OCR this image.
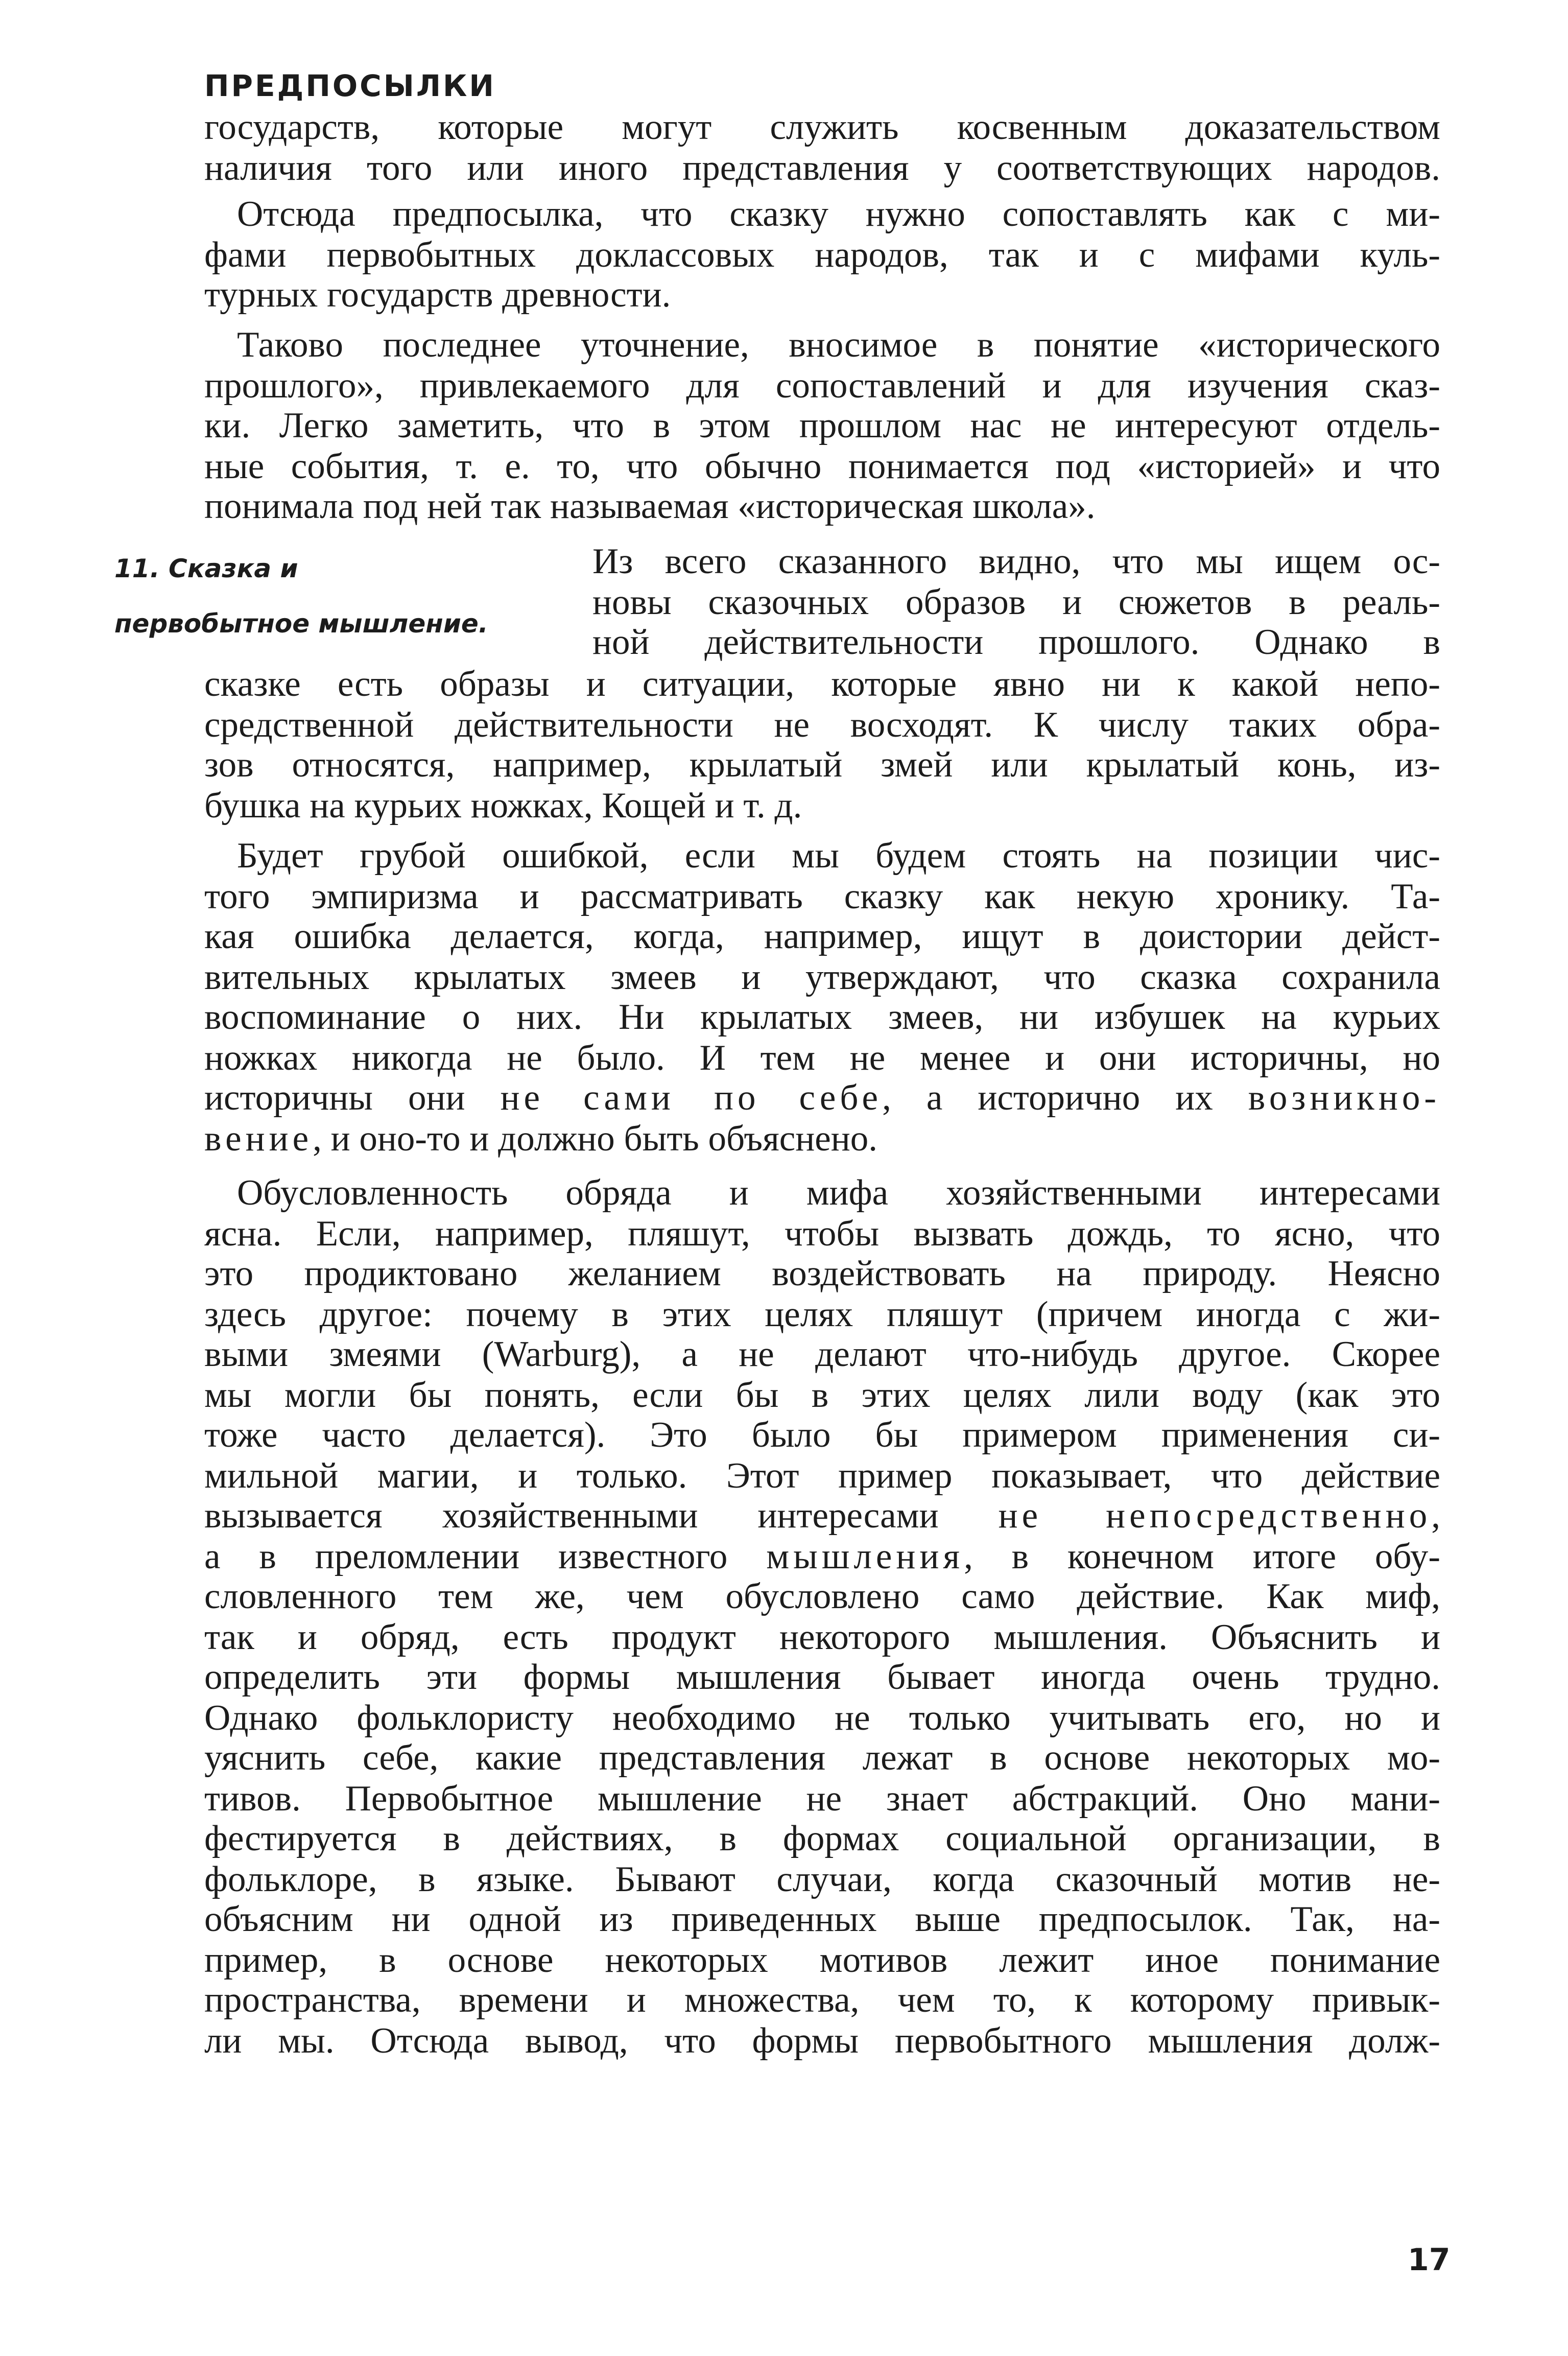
ПРЕДПОСЫЛКИ
государств, которые могут служить косвенным доказательством
наличия того или иного представления у соответствующих народов.
Отсюда предпосылка, что сказку нужно сопоставлять как с ми-
фами первобытных доклассовых народов, так и с мифами куль-
турных государств древности.
Таково последнее уточнение, вносимое в понятие «исторического
прошлого», привлекаемого для сопоставлений и для изучения сказ-
ки. Легко заметить, что в этом прошлом нас не интересуют отдель-
ные события, т. е. то, что обычно понимается под «историей» и что
понимала под ней так называемая «историческая школа».
11. Сказка и
первобытное мышление.
Из всего сказанного видно, что мы ищем ос-
новы сказочных образов и сюжетов в реаль-
ной действительности прошлого. Однако в
сказке есть образы и ситуации, которые явно ни к какой непо-
средственной действительности не восходят. К числу таких обра-
зов относятся, например, крылатый змей или крылатый конь, из-
бушка на курьих ножках, Кощей и т. д.
Будет грубой ошибкой, если мы будем стоять на позиции чис-
того эмпиризма и рассматривать сказку как некую хронику. Та-
кая ошибка делается, когда, например, ищут в доистории дейст-
вительных крылатых змеев и утверждают, что сказка сохранила
воспоминание о них. Ни крылатых змеев, ни избушек на курьих
ножках никогда не было. И тем не менее и они историчны, но
историчны они не сами по себе, а исторично их возникно-
вение, и оно-то и должно быть объяснено.
Обусловленность обряда и мифа хозяйственными интересами
ясна. Если, например, пляшут, чтобы вызвать дождь, то ясно, что
это продиктовано желанием воздействовать на природу. Неясно
здесь другое: почему в этих целях пляшут (причем иногда с жи-
выми змеями (Warburg), а не делают что-нибудь другое. Скорее
мы могли бы понять, если бы в этих целях лили воду (как это
тоже часто делается). Это было бы примером применения си-
мильной магии, и только. Этот пример показывает, что действие
вызывается хозяйственными интересами не непосредственно,
а в преломлении известного мышления, в конечном итоге обу-
словленного тем же, чем обусловлено само действие. Как миф,
так и обряд, есть продукт некоторого мышления. Объяснить и
определить эти формы мышления бывает иногда очень трудно.
Однако фольклористу необходимо не только учитывать его, но и
уяснить себе, какие представления лежат в основе некоторых мо-
тивов. Первобытное мышление не знает абстракций. Оно мани-
фестируется в действиях, в формах социальной организации, в
фольклоре, в языке. Бывают случаи, когда сказочный мотив не-
объясним ни одной из приведенных выше предпосылок. Так, на-
пример, в основе некоторых мотивов лежит иное понимание
пространства, времени и множества, чем то, к которому привык-
ли мы. Отсюда вывод, что формы первобытного мышления долж-
17
